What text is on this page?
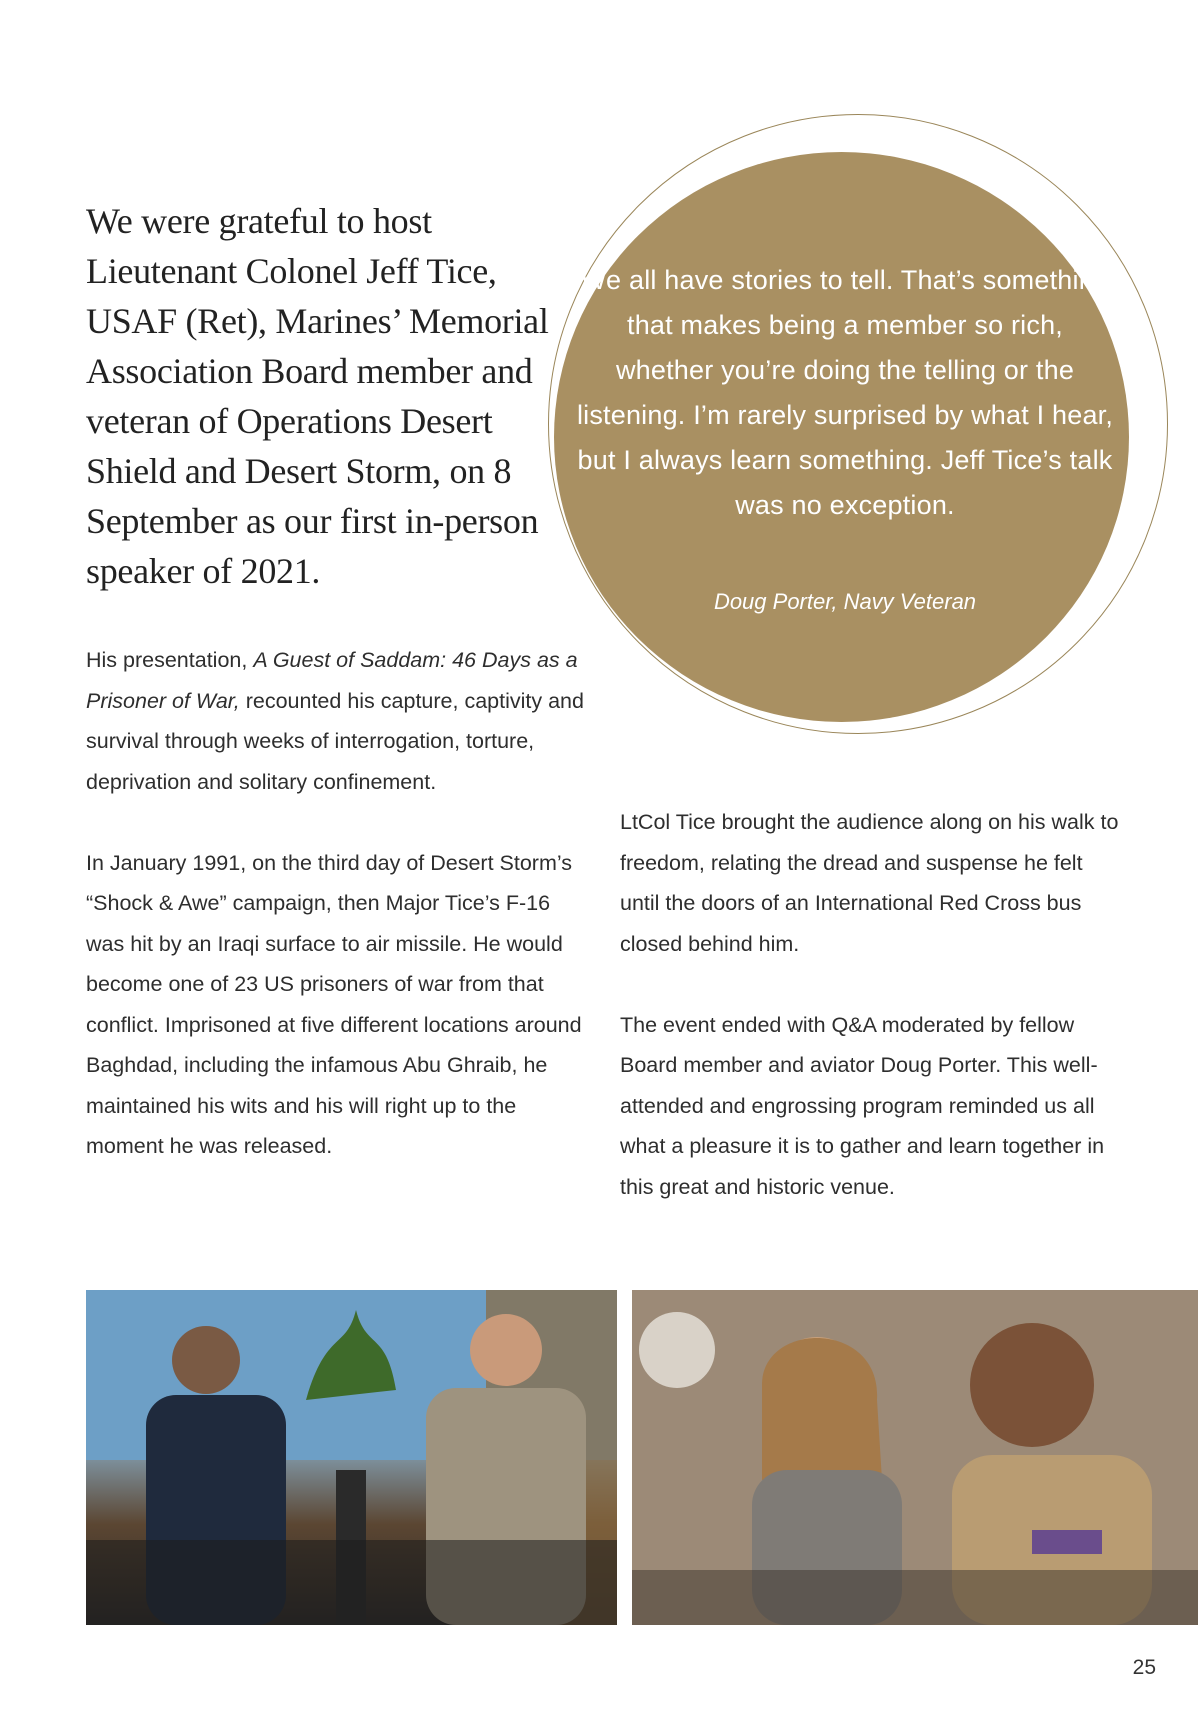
We were grateful to host Lieutenant Colonel Jeff Tice, USAF (Ret), Marines’ Memorial Association Board member and veteran of Operations Desert Shield and Desert Storm, on 8 September as our first in-person speaker of 2021.

We all have stories to tell. That’s something that makes being a member so rich, whether you’re doing the telling or the listening. I’m rarely surprised by what I hear, but I always learn something. Jeff Tice’s talk was no exception.

Doug Porter, Navy Veteran

His presentation, A Guest of Saddam: 46 Days as a Prisoner of War, recounted his capture, captivity and survival through weeks of interrogation, torture, deprivation and solitary confinement.

In January 1991, on the third day of Desert Storm’s “Shock & Awe” campaign, then Major Tice’s F-16 was hit by an Iraqi surface to air missile. He would become one of 23 US prisoners of war from that conflict. Imprisoned at five different locations around Baghdad, including the infamous Abu Ghraib, he maintained his wits and his will right up to the moment he was released.

LtCol Tice brought the audience along on his walk to freedom, relating the dread and suspense he felt until the doors of an International Red Cross bus closed behind him.

The event ended with Q&A moderated by fellow Board member and aviator Doug Porter. This well-attended and engrossing program reminded us all what a pleasure it is to gather and learn together in this great and historic venue.

25
